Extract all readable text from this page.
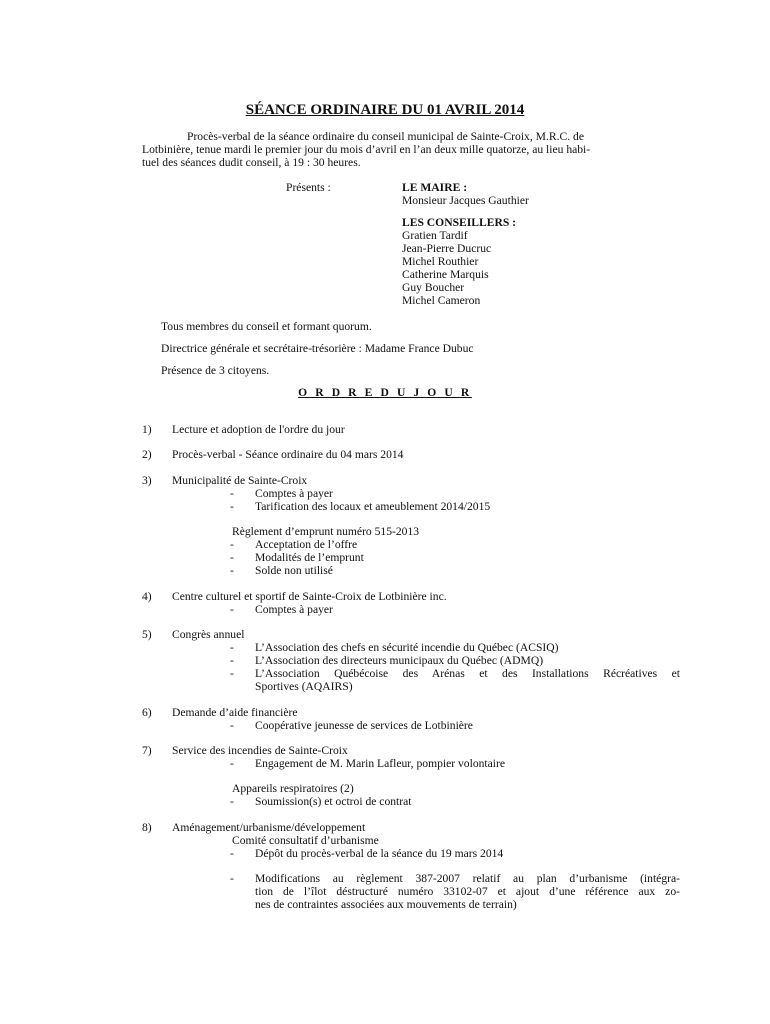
SÉANCE ORDINAIRE DU 01 AVRIL 2014
Procès-verbal de la séance ordinaire du conseil municipal de Sainte-Croix, M.R.C. de
Lotbinière, tenue mardi le premier jour du mois d’avril en l’an deux mille quatorze, au lieu habi-
tuel des séances dudit conseil, à 19 : 30 heures.
Présents :	LE MAIRE :
Monsieur Jacques Gauthier
LES CONSEILLERS :
Gratien Tardif
Jean-Pierre Ducruc
Michel Routhier
Catherine Marquis
Guy Boucher
Michel Cameron
Tous membres du conseil et formant quorum.
Directrice générale et secrétaire-trésorière : Madame France Dubuc
Présence de 3 citoyens.
O R D R E D U J O U R
1) Lecture et adoption de l'ordre du jour
2) Procès-verbal - Séance ordinaire du 04 mars 2014
3) Municipalité de Sainte-Croix
- Comptes à payer
- Tarification des locaux et ameublement 2014/2015
Règlement d’emprunt numéro 515-2013
- Acceptation de l’offre
- Modalités de l’emprunt
- Solde non utilisé
4) Centre culturel et sportif de Sainte-Croix de Lotbinière inc.
- Comptes à payer
5) Congrès annuel
- L’Association des chefs en sécurité incendie du Québec (ACSIQ)
- L’Association des directeurs municipaux du Québec (ADMQ)
- L’Association Québécoise des Arénas et des Installations Récréatives et
Sportives (AQAIRS)
6) Demande d’aide financière
- Coopérative jeunesse de services de Lotbinière
7) Service des incendies de Sainte-Croix
- Engagement de M. Marin Lafleur, pompier volontaire
Appareils respiratoires (2)
- Soumission(s) et octroi de contrat
8) Aménagement/urbanisme/développement
Comité consultatif d’urbanisme
- Dépôt du procès-verbal de la séance du 19 mars 2014
- Modifications au règlement 387-2007 relatif au plan d’urbanisme (intégra-
tion de l’îlot déstructuré numéro 33102-07 et ajout d’une référence aux zo-
nes de contraintes associées aux mouvements de terrain)
